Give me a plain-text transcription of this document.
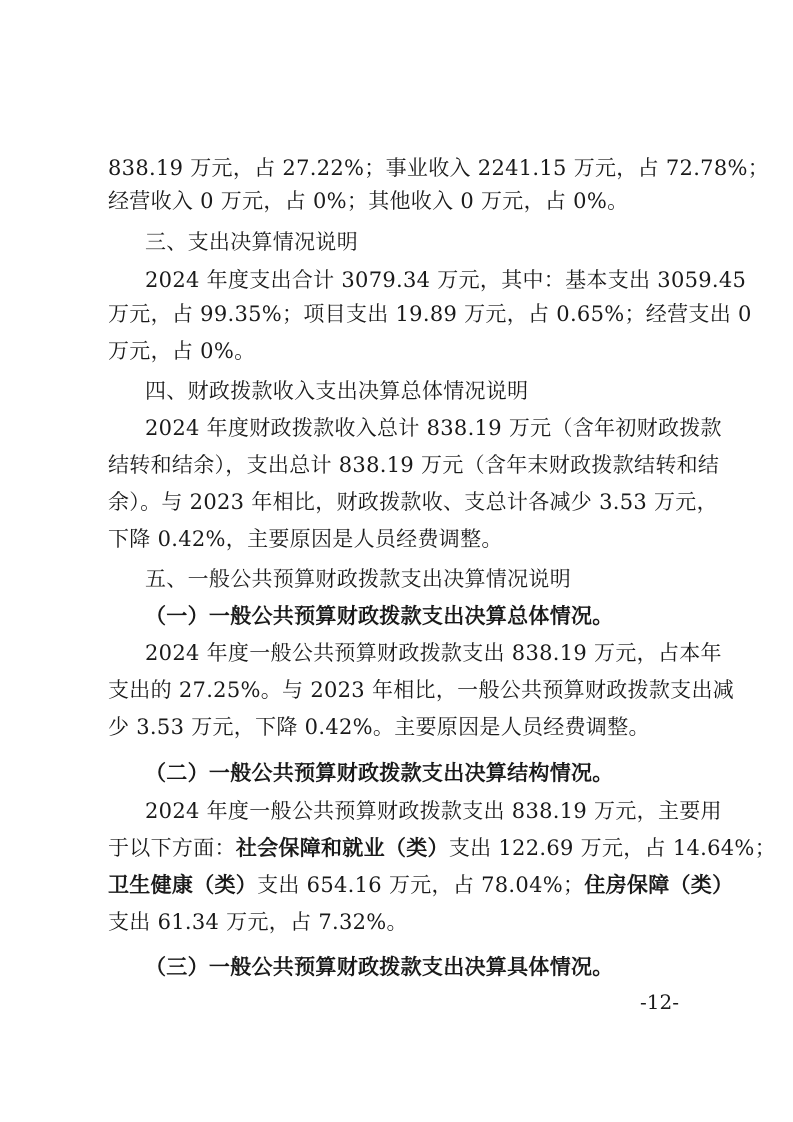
838.19 万元，占 27.22%；事业收入 2241.15 万元，占 72.78%；
经营收入 0 万元，占 0%；其他收入 0 万元，占 0%。
三、支出决算情况说明
2024 年度支出合计 3079.34 万元，其中：基本支出 3059.45
万元，占 99.35%；项目支出 19.89 万元，占 0.65%；经营支出 0
万元，占 0%。
四、财政拨款收入支出决算总体情况说明
2024 年度财政拨款收入总计 838.19 万元（含年初财政拨款
结转和结余），支出总计 838.19 万元（含年末财政拨款结转和结
余）。与 2023 年相比，财政拨款收、支总计各减少 3.53 万元，
下降 0.42%，主要原因是人员经费调整。
五、一般公共预算财政拨款支出决算情况说明
（一）一般公共预算财政拨款支出决算总体情况。
2024 年度一般公共预算财政拨款支出 838.19 万元，占本年
支出的 27.25%。与 2023 年相比，一般公共预算财政拨款支出减
少 3.53 万元，下降 0.42%。主要原因是人员经费调整。
（二）一般公共预算财政拨款支出决算结构情况。
2024 年度一般公共预算财政拨款支出 838.19 万元，主要用
于以下方面：社会保障和就业（类）支出 122.69 万元，占 14.64%；
卫生健康（类）支出 654.16 万元，占 78.04%；住房保障（类）
支出 61.34 万元，占 7.32%。
（三）一般公共预算财政拨款支出决算具体情况。
-12-
